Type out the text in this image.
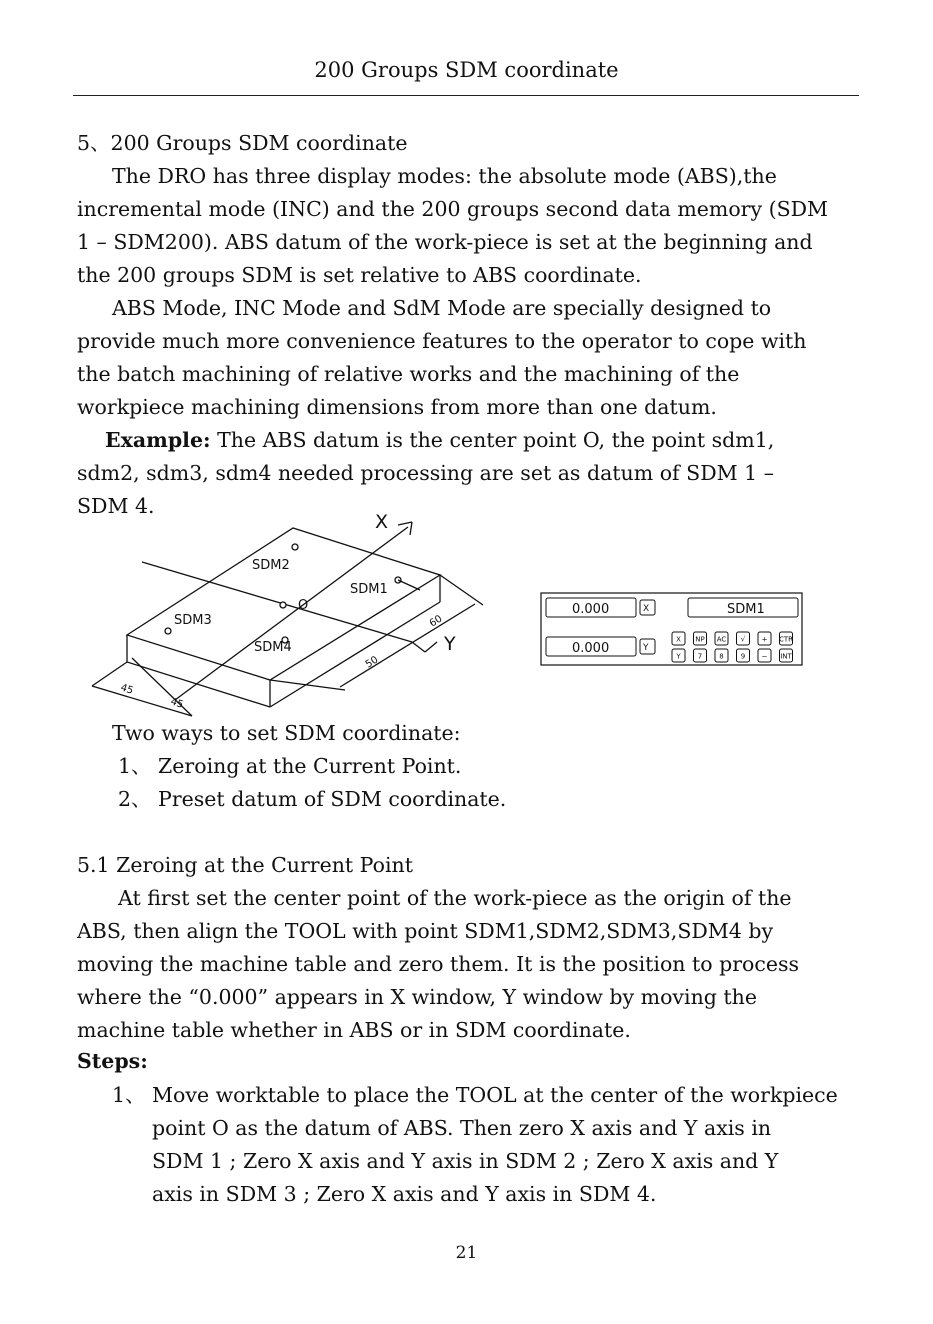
200 Groups SDM coordinate
5、200 Groups SDM coordinate
The DRO has three display modes: the absolute mode (ABS),the
incremental mode (INC) and the 200 groups second data memory (SDM
1 – SDM200). ABS datum of the work-piece is set at the beginning and
the 200 groups SDM is set relative to ABS coordinate.
ABS Mode, INC Mode and SdM Mode are specially designed to
provide much more convenience features to the operator to cope with
the batch machining of relative works and the machining of the
workpiece machining dimensions from more than one datum.
Example: The ABS datum is the center point O, the point sdm1,
sdm2, sdm3, sdm4 needed processing are set as datum of SDM 1 –
SDM 4.
X
Y
O
SDM1
SDM2
SDM3
SDM4
45
45
60
50
0.000
0.000
SDM1
X
Y
X NP AC √ + CTR
Y 7 8 9 − INT
Two ways to set SDM coordinate:
1、 Zeroing at the Current Point.
2、 Preset datum of SDM coordinate.
5.1 Zeroing at the Current Point
At first set the center point of the work-piece as the origin of the
ABS, then align the TOOL with point SDM1,SDM2,SDM3,SDM4 by
moving the machine table and zero them. It is the position to process
where the “0.000” appears in X window, Y window by moving the
machine table whether in ABS or in SDM coordinate.
Steps:
1、 Move worktable to place the TOOL at the center of the workpiece
point O as the datum of ABS. Then zero X axis and Y axis in
SDM 1 ; Zero X axis and Y axis in SDM 2 ; Zero X axis and Y
axis in SDM 3 ; Zero X axis and Y axis in SDM 4.
21
